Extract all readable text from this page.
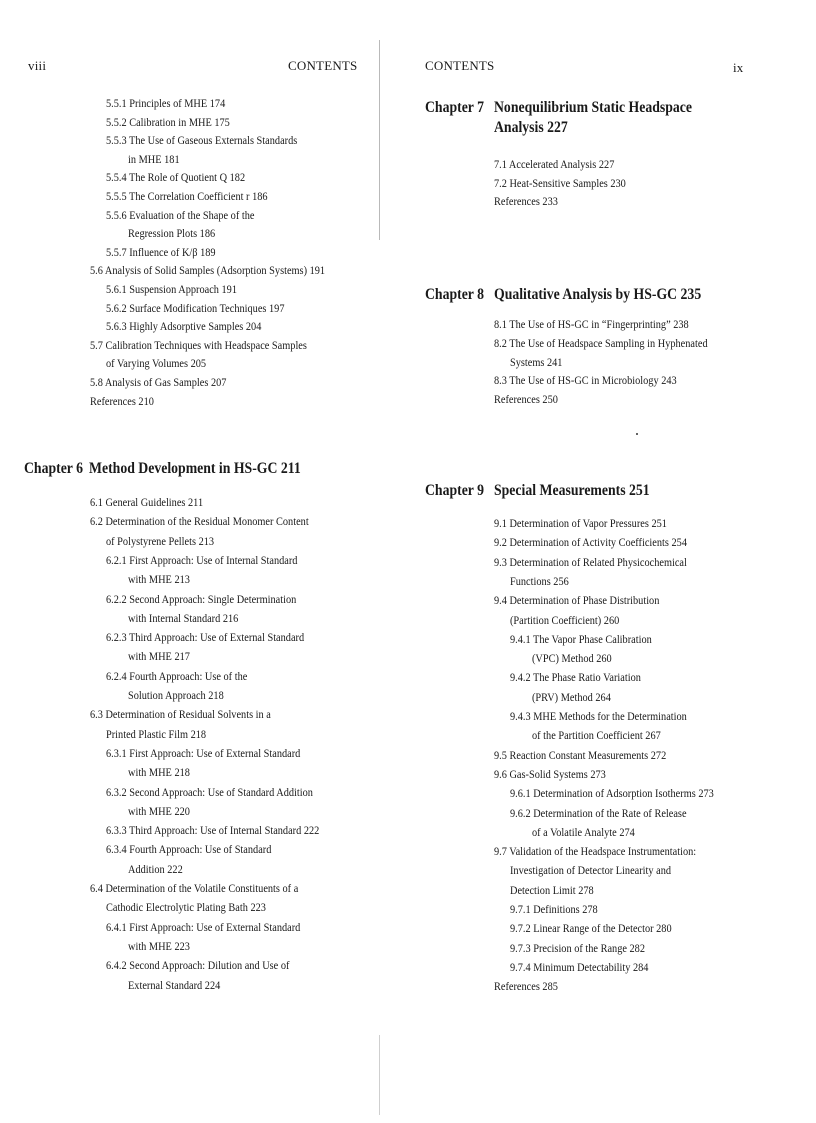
viii	CONTENTS	CONTENTS	ix
5.5.1 Principles of MHE 174
5.5.2 Calibration in MHE 175
5.5.3 The Use of Gaseous Externals Standards
in MHE 181
5.5.4 The Role of Quotient Q 182
5.5.5 The Correlation Coefficient r 186
5.5.6 Evaluation of the Shape of the
Regression Plots 186
5.5.7 Influence of K/β 189
5.6 Analysis of Solid Samples (Adsorption Systems) 191
5.6.1 Suspension Approach 191
5.6.2 Surface Modification Techniques 197
5.6.3 Highly Adsorptive Samples 204
5.7 Calibration Techniques with Headspace Samples
of Varying Volumes 205
5.8 Analysis of Gas Samples 207
References 210
Chapter 6 Method Development in HS-GC 211
6.1 General Guidelines 211
6.2 Determination of the Residual Monomer Content
of Polystyrene Pellets 213
6.2.1 First Approach: Use of Internal Standard
with MHE 213
6.2.2 Second Approach: Single Determination
with Internal Standard 216
6.2.3 Third Approach: Use of External Standard
with MHE 217
6.2.4 Fourth Approach: Use of the
Solution Approach 218
6.3 Determination of Residual Solvents in a
Printed Plastic Film 218
6.3.1 First Approach: Use of External Standard
with MHE 218
6.3.2 Second Approach: Use of Standard Addition
with MHE 220
6.3.3 Third Approach: Use of Internal Standard 222
6.3.4 Fourth Approach: Use of Standard
Addition 222
6.4 Determination of the Volatile Constituents of a
Cathodic Electrolytic Plating Bath 223
6.4.1 First Approach: Use of External Standard
with MHE 223
6.4.2 Second Approach: Dilution and Use of
External Standard 224
Chapter 7 Nonequilibrium Static Headspace
Analysis 227
7.1 Accelerated Analysis 227
7.2 Heat-Sensitive Samples 230
References 233
Chapter 8 Qualitative Analysis by HS-GC 235
8.1 The Use of HS-GC in “Fingerprinting” 238
8.2 The Use of Headspace Sampling in Hyphenated
Systems 241
8.3 The Use of HS-GC in Microbiology 243
References 250
Chapter 9 Special Measurements 251
9.1 Determination of Vapor Pressures 251
9.2 Determination of Activity Coefficients 254
9.3 Determination of Related Physicochemical
Functions 256
9.4 Determination of Phase Distribution
(Partition Coefficient) 260
9.4.1 The Vapor Phase Calibration
(VPC) Method 260
9.4.2 The Phase Ratio Variation
(PRV) Method 264
9.4.3 MHE Methods for the Determination
of the Partition Coefficient 267
9.5 Reaction Constant Measurements 272
9.6 Gas-Solid Systems 273
9.6.1 Determination of Adsorption Isotherms 273
9.6.2 Determination of the Rate of Release
of a Volatile Analyte 274
9.7 Validation of the Headspace Instrumentation:
Investigation of Detector Linearity and
Detection Limit 278
9.7.1 Definitions 278
9.7.2 Linear Range of the Detector 280
9.7.3 Precision of the Range 282
9.7.4 Minimum Detectability 284
References 285
